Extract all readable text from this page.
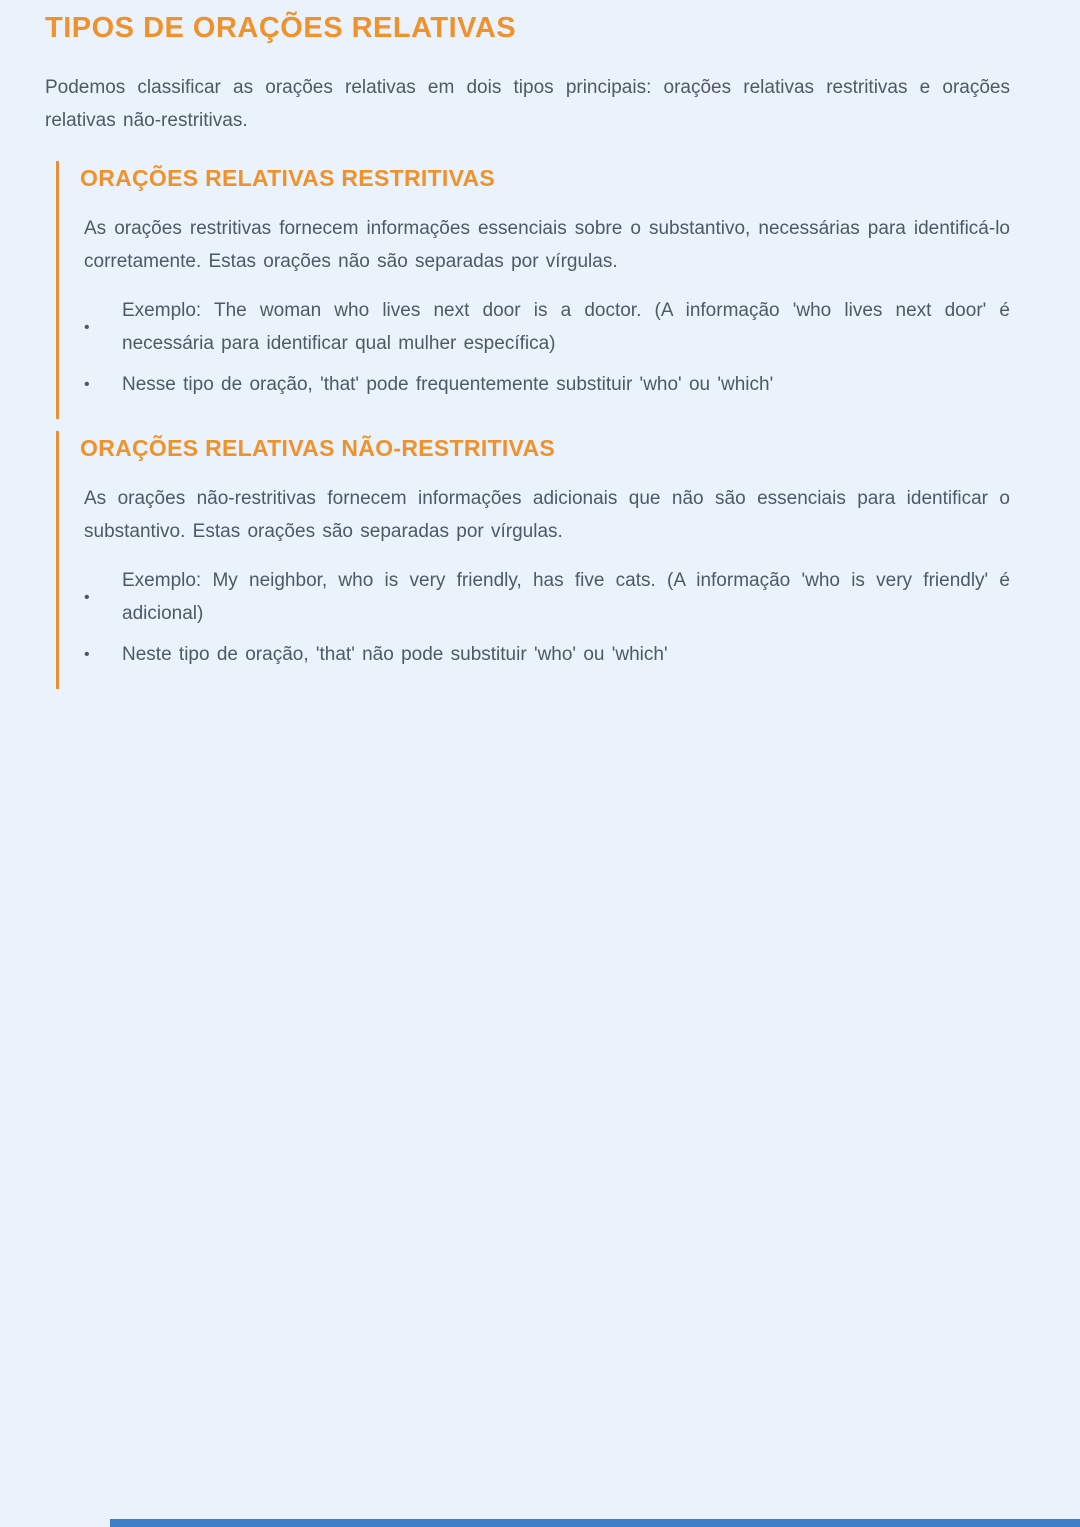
TIPOS DE ORAÇÕES RELATIVAS

Podemos classificar as orações relativas em dois tipos principais: orações relativas restritivas e orações relativas não-restritivas.

ORAÇÕES RELATIVAS RESTRITIVAS

As orações restritivas fornecem informações essenciais sobre o substantivo, necessárias para identificá-lo corretamente. Estas orações não são separadas por vírgulas.

•
Exemplo: The woman who lives next door is a doctor. (A informação 'who lives next door' é necessária para identificar qual mulher específica)
•	Nesse tipo de oração, 'that' pode frequentemente substituir 'who' ou 'which'
ORAÇÕES RELATIVAS NÃO-RESTRITIVAS

As orações não-restritivas fornecem informações adicionais que não são essenciais para identificar o substantivo. Estas orações são separadas por vírgulas.

•
Exemplo: My neighbor, who is very friendly, has five cats. (A informação 'who is very friendly' é adicional)
•	Neste tipo de oração, 'that' não pode substituir 'who' ou 'which'
